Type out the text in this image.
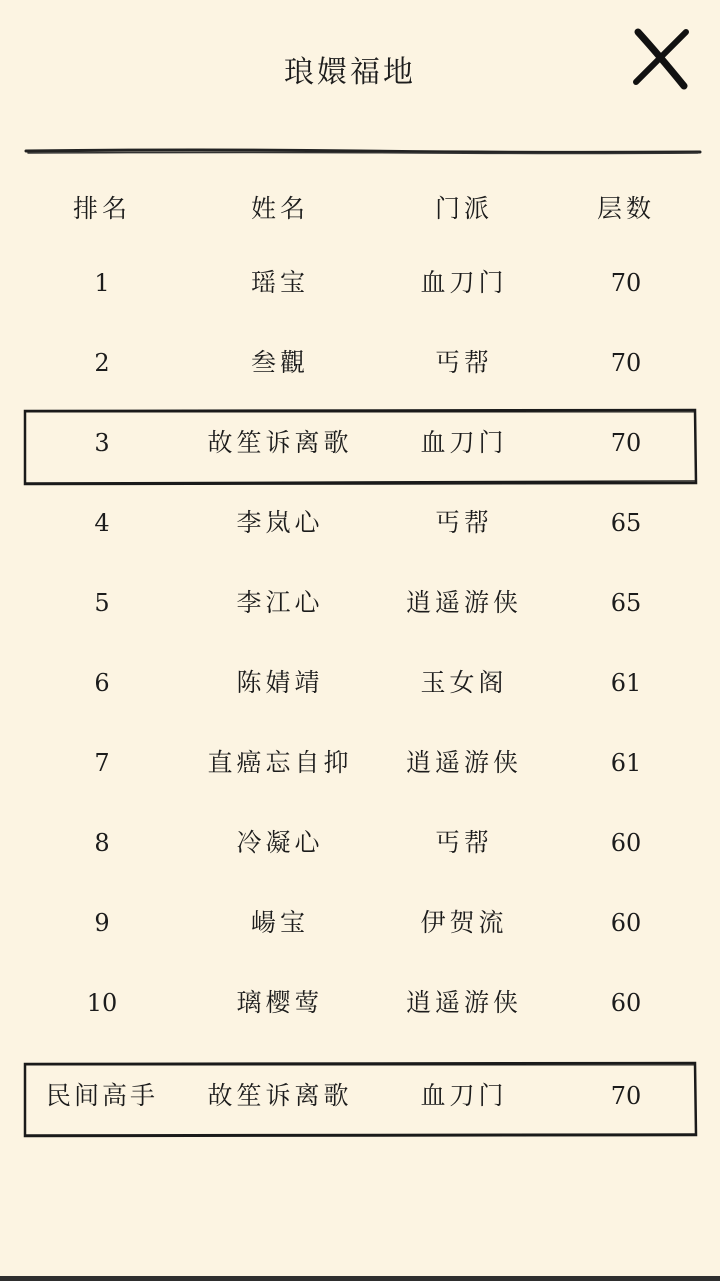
琅嬛福地
排名	姓名	门派	层数
1	瑶宝	血刀门	70
2	叁觀	丐帮	70
3	故笙诉离歌	血刀门	70
4	李岚心	丐帮	65
5	李江心	逍遥游侠	65
6	陈婧靖	玉女阁	61
7	直癌忘自抑	逍遥游侠	61
8	冷凝心	丐帮	60
9	崵宝	伊贺流	60
10	璃樱莺	逍遥游侠	60
民间高手	故笙诉离歌	血刀门	70
